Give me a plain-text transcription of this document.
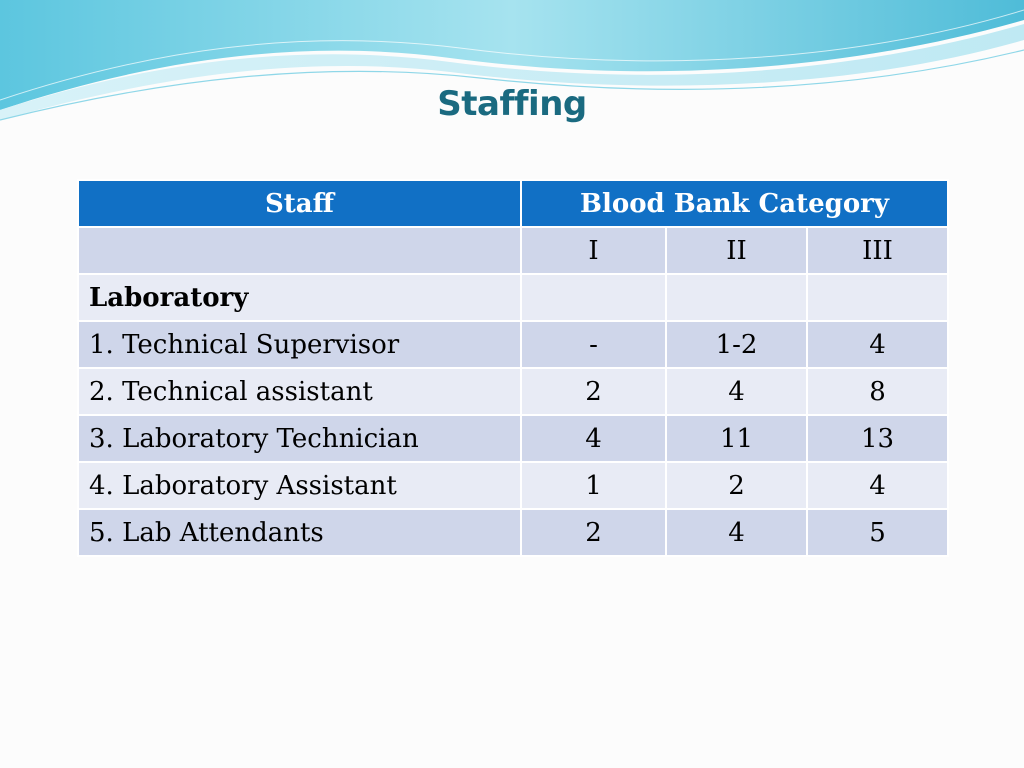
Staffing
Staff	Blood Bank Category		
	I	II	III
Laboratory			
1. Technical Supervisor	-	1-2	4
2. Technical assistant	2	4	8
3. Laboratory Technician	4	11	13
4. Laboratory Assistant	1	2	4
5. Lab Attendants	2	4	5
